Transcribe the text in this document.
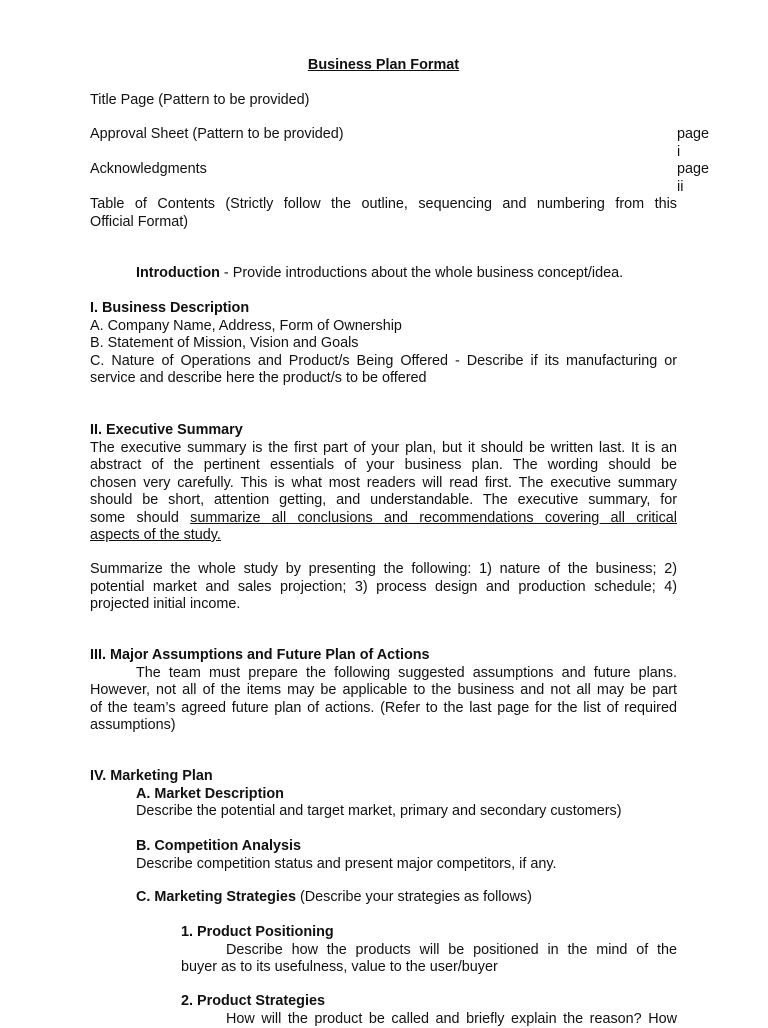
Business Plan Format
Title Page (Pattern to be provided)
Approval Sheet (Pattern to be provided)	page i
Acknowledgments	page ii
Table of Contents (Strictly follow the outline, sequencing and numbering from this
Official Format)
Introduction - Provide introductions about the whole business concept/idea.
I. Business Description
A. Company Name, Address, Form of Ownership
B. Statement of Mission, Vision and Goals
C. Nature of Operations and Product/s Being Offered - Describe if its manufacturing or
service and describe here the product/s to be offered
II. Executive Summary
The executive summary is the first part of your plan, but it should be written last. It is an
abstract of the pertinent essentials of your business plan. The wording should be
chosen very carefully. This is what most readers will read first. The executive summary
should be short, attention getting, and understandable. The executive summary, for
some should summarize all conclusions and recommendations covering all critical
aspects of the study.
Summarize the whole study by presenting the following: 1) nature of the business; 2)
potential market and sales projection; 3) process design and production schedule; 4)
projected initial income.
III. Major Assumptions and Future Plan of Actions
The team must prepare the following suggested assumptions and future plans.
However, not all of the items may be applicable to the business and not all may be part
of the team’s agreed future plan of actions. (Refer to the last page for the list of required
assumptions)
IV. Marketing Plan
A. Market Description
Describe the potential and target market, primary and secondary customers)
B. Competition Analysis
Describe competition status and present major competitors, if any.
C. Marketing Strategies (Describe your strategies as follows)
1. Product Positioning
Describe how the products will be positioned in the mind of the
buyer as to its usefulness, value to the user/buyer
2. Product Strategies
How will the product be called and briefly explain the reason? How
